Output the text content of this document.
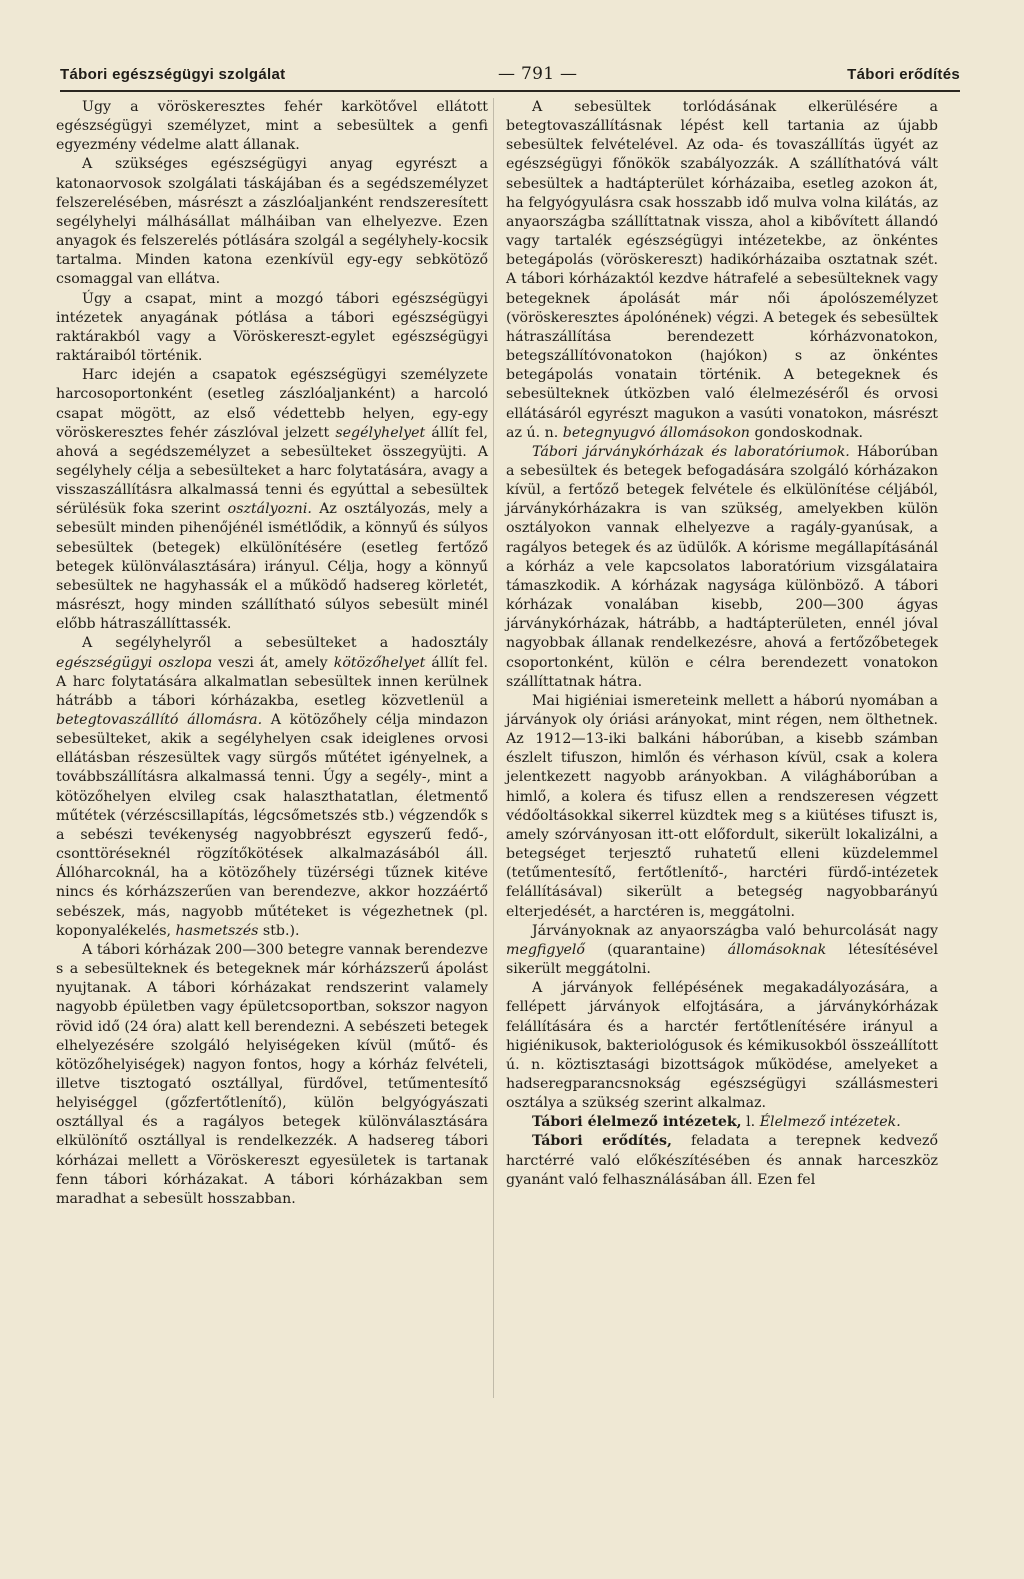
Tábori egészségügyi szolgálat	— 791 —	Tábori erődítés

Ugy a vöröskeresztes fehér karkötővel ellátott egészségügyi személyzet, mint a sebesültek a genfi egyezmény védelme alatt állanak.

A szükséges egészségügyi anyag egyrészt a katonaorvosok szolgálati táskájában és a segédszemélyzet felszerelésében, másrészt a zászlóaljanként rendszeresített segélyhelyi málhásállat málháiban van elhelyezve. Ezen anyagok és felszerelés pótlására szolgál a segélyhely-kocsik tartalma. Minden katona ezenkívül egy-egy sebkötöző csomaggal van ellátva.

Úgy a csapat, mint a mozgó tábori egészségügyi intézetek anyagának pótlása a tábori egészségügyi raktárakból vagy a Vöröskereszt-egylet egészségügyi raktáraiból történik.

Harc idején a csapatok egészségügyi személyzete harcosoportonként (esetleg zászlóaljanként) a harcoló csapat mögött, az első védettebb helyen, egy-egy vöröskeresztes fehér zászlóval jelzett segélyhelyet állít fel, ahová a segédszemélyzet a sebesülteket összegyüjti. A segélyhely célja a sebesülteket a harc folytatására, avagy a visszaszállításra alkalmassá tenni és egyúttal a sebesültek sérülésük foka szerint osztályozni. Az osztályozás, mely a sebesült minden pihenőjénél ismétlődik, a könnyű és súlyos sebesültek (betegek) elkülönítésére (esetleg fertőző betegek különválasztására) irányul. Célja, hogy a könnyű sebesültek ne hagyhassák el a működő hadsereg körletét, másrészt, hogy minden szállítható súlyos sebesült minél előbb hátraszállíttassék.

A segélyhelyről a sebesülteket a hadosztály egészségügyi oszlopa veszi át, amely kötözőhelyet állít fel. A harc folytatására alkalmatlan sebesültek innen kerülnek hátrább a tábori kórházakba, esetleg közvetlenül a betegtovaszállító állomásra. A kötözőhely célja mindazon sebesülteket, akik a segélyhelyen csak ideiglenes orvosi ellátásban részesültek vagy sürgős műtétet igényelnek, a továbbszállításra alkalmassá tenni. Úgy a segély-, mint a kötözőhelyen elvileg csak halaszthatatlan, életmentő műtétek (vérzéscsillapítás, légcsőmetszés stb.) végzendők s a sebészi tevékenység nagyobbrészt egyszerű fedő-, csonttöréseknél rögzítőkötések alkalmazásából áll. Állóharcoknál, ha a kötözőhely tüzérségi tűznek kitéve nincs és kórházszerűen van berendezve, akkor hozzáértő sebészek, más, nagyobb műtéteket is végezhetnek (pl. koponyalékelés, hasmetszés stb.).

A tábori kórházak 200—300 betegre vannak berendezve s a sebesülteknek és betegeknek már kórházszerű ápolást nyujtanak. A tábori kórházakat rendszerint valamely nagyobb épületben vagy épületcsoportban, sokszor nagyon rövid idő (24 óra) alatt kell berendezni. A sebészeti betegek elhelyezésére szolgáló helyiségeken kívül (műtő- és kötözőhelyiségek) nagyon fontos, hogy a kórház felvételi, illetve tisztogató osztállyal, fürdővel, tetűmentesítő helyiséggel (gőzfertőtlenítő), külön belgyógyászati osztállyal és a ragályos betegek különválasztására elkülönítő osztállyal is rendelkezzék. A hadsereg tábori kórházai mellett a Vöröskereszt egyesületek is tartanak fenn tábori kórházakat. A tábori kórházakban sem maradhat a sebesült hosszabban.

A sebesültek torlódásának elkerülésére a betegtovaszállításnak lépést kell tartania az újabb sebesültek felvételével. Az oda- és tovaszállítás ügyét az egészségügyi főnökök szabályozzák. A szállíthatóvá vált sebesültek a hadtápterület kórházaiba, esetleg azokon át, ha felgyógyulásra csak hosszabb idő mulva volna kilátás, az anyaországba szállíttatnak vissza, ahol a kibővített állandó vagy tartalék egészségügyi intézetekbe, az önkéntes betegápolás (vöröskereszt) hadikórházaiba osztatnak szét. A tábori kórházaktól kezdve hátrafelé a sebesülteknek vagy betegeknek ápolását már női ápolószemélyzet (vöröskeresztes ápolónének) végzi. A betegek és sebesültek hátraszállítása berendezett kórházvonatokon, betegszállítóvonatokon (hajókon) s az önkéntes betegápolás vonatain történik. A betegeknek és sebesülteknek útközben való élelmezéséről és orvosi ellátásáról egyrészt magukon a vasúti vonatokon, másrészt az ú. n. betegnyugvó állomásokon gondoskodnak.

Tábori járványkórházak és laboratóriumok. Háborúban a sebesültek és betegek befogadására szolgáló kórházakon kívül, a fertőző betegek felvétele és elkülönítése céljából, járványkórházakra is van szükség, amelyekben külön osztályokon vannak elhelyezve a ragály-gyanúsak, a ragályos betegek és az üdülők. A kórisme megállapításánál a kórház a vele kapcsolatos laboratórium vizsgálataira támaszkodik. A kórházak nagysága különböző. A tábori kórházak vonalában kisebb, 200—300 ágyas járványkórházak, hátrább, a hadtápterületen, ennél jóval nagyobbak állanak rendelkezésre, ahová a fertőzőbetegek csoportonként, külön e célra berendezett vonatokon szállíttatnak hátra.

Mai higiéniai ismereteink mellett a háború nyomában a járványok oly óriási arányokat, mint régen, nem ölthetnek. Az 1912—13-iki balkáni háborúban, a kisebb számban észlelt tifuszon, himlőn és vérhason kívül, csak a kolera jelentkezett nagyobb arányokban. A világháborúban a himlő, a kolera és tifusz ellen a rendszeresen végzett védőoltásokkal sikerrel küzdtek meg s a kiütéses tifuszt is, amely szórványosan itt-ott előfordult, sikerült lokalizálni, a betegséget terjesztő ruhatetű elleni küzdelemmel (tetűmentesítő, fertőtlenítő-, harctéri fürdő-intézetek felállításával) sikerült a betegség nagyobbarányú elterjedését, a harctéren is, meggátolni.

Járványoknak az anyaországba való behurcolását nagy megfigyelő (quarantaine) állomásoknak létesítésével sikerült meggátolni.

A járványok fellépésének megakadályozására, a fellépett járványok elfojtására, a járványkórházak felállítására és a harctér fertőtlenítésére irányul a higiénikusok, bakteriológusok és kémikusokból összeállított ú. n. köztisztasági bizottságok működése, amelyeket a hadseregparancsnokság egészségügyi szállásmesteri osztálya a szükség szerint alkalmaz.

Tábori élelmező intézetek, l. Élelmező intézetek.

Tábori erődítés, feladata a terepnek kedvező harctérré való előkészítésében és annak harceszköz gyanánt való felhasználásában áll. Ezen fel
